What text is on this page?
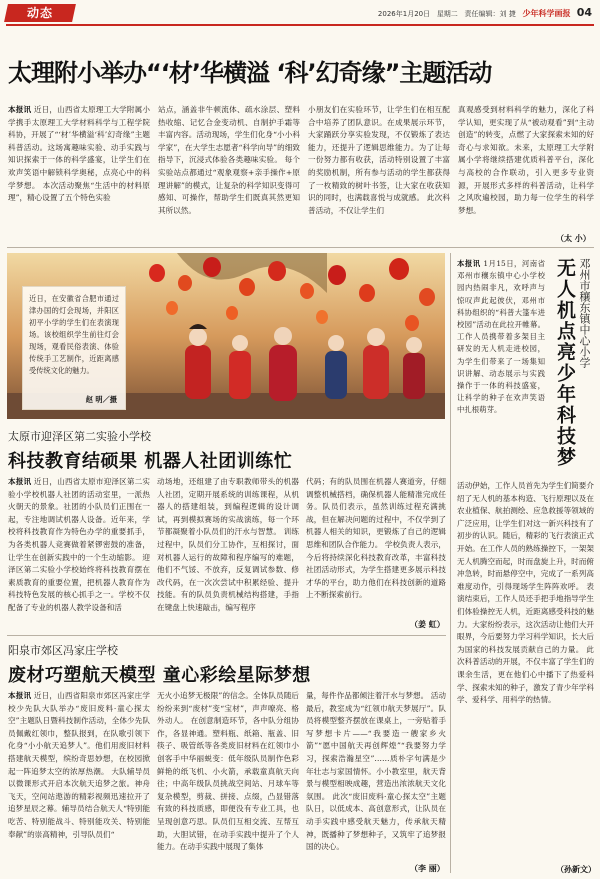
动态	2026年1月20日 星期二 责任编辑：刘 捷 少年科学画报 04
太理附小举办“‘材’华横溢 ‘科’幻奇缘”主题活动

本报讯 近日，山西省太原理工大学附属小学携手太原理工大学材料科学与工程学院科协，开展了“‘材’华横溢‘科’幻奇缘”主题科普活动。这场寓趣味实验、动手实践与知识探索于一体的科学盛宴，让学生们在欢声笑语中解锁科学奥秘，点亮心中的科学梦想。 本次活动聚焦“生活中的材料原理”，精心设置了五个特色实验

站点，涵盖非牛顿流体、疏水涂层、塑料热收缩、记忆合金变动机、自制护手霜等丰富内容。活动现场，学生们化身“小小科学家”，在大学生志愿者“科学向导”的细致指导下，沉浸式体验各类趣味实验。 每个实验站点都通过“观象观察+亲手操作+原理讲解”的模式，让复杂的科学知识变得可感知、可操作，帮助学生们既真其然更知其所以然。

小朋友们在实验环节，让学生们在相互配合中培养了团队意识。在成果展示环节，大家踊跃分享实验发现，不仅锻炼了表达能力，还提升了逻辑思维能力。为了让每一份努力都有收获，活动特别设置了丰富的奖励机制，所有参与活动的学生都获得了一枚精致的树叶书签，让大家在收获知识的同时，也满载喜悦与成就感。 此次科普活动，不仅让学生们

真观感受到材料科学的魅力，深化了科学认知，更实现了从“被动观看”到“主动创造”的转变，点燃了大家探索未知的好奇心与求知欲。未来，太原理工大学附属小学将继续搭建优质科普平台，深化与高校的合作联动，引入更多专业资源，开展形式多样的科普活动，让科学之风吹遍校园，助力每一位学生的科学梦想。

（太 小）
近日，在安徽省合肥市通过津办国的灯会现场，并阳区初平小学的学生们在表演现场。该校组织学生前往灯会现场，观看民俗表演、体验传统手工艺制作，近距离感受传统文化的魅力。
赵 明／摄
邓州市穰东镇中心小学
无人机点亮少年科技梦

本报讯 1月15日，河南省邓州市穰东镇中心小学校园内热闹非凡，欢呼声与惊叹声此起彼伏，邓州市科协组织的“科普大篷车进校园”活动在此拉开帷幕。工作人员携带着多架目主研发的无人机走进校园，为学生们带来了一场集知识讲解、动态展示与实践操作于一体的科技盛宴，让科学的种子在欢声笑语中扎根萌芽。

活动伊始，工作人员首先为学生们简要介绍了无人机的基本构造、飞行原理以及在农业植保、航拍测绘、应急救援等领域的广泛应用，让学生们对这一新兴科技有了初步的认识。随后，精彩的飞行表演正式开始。在工作人员的熟练操控下，一架架无人机腾空而起，时而盘旋上升，时而俯冲急转，时而悬停空中，完成了一系列高难度动作，引得现场学生阵阵欢呼。 表演结束后，工作人员还手把手地指导学生们体验操控无人机，近距离感受科技的魅力。大家纷纷表示，这次活动让他们大开眼界，今后要努力学习科学知识，长大后为国家的科技发展贡献自己的力量。 此次科普活动的开展，不仅丰富了学生们的课余生活，更在他们心中播下了热爱科学、探索未知的种子，激发了青少年学科学、爱科学、用科学的热情。

（孙新文）
太原市迎泽区第二实验小学校
科技教育结硕果 机器人社团训练忙

本报讯 近日，山西省太原市迎泽区第二实验小学校机器人社团的活动室里，一派热火朝天的景象。社团的小队员们正围在一起，专注地调试机器人设备。近年来，学校将科技教育作为特色办学的重要抓手，为各类机器人竞赛做着紧锣密鼓的准备，让学生在创新实践中的一个生动缩影。 迎泽区第二实验小学校始终将科技教育摆在素质教育的重要位置，把机器人教育作为科技特色发展的核心抓手之一。学校不仅配备了专业的机器人教学设备和活

动场地，还组建了由专职教师带头的机器人社团，定期开展系统的训练课程，从机器人的搭建组装，到编程逻辑的设计调试，再到模拟赛场的实战演练，每一个环节都凝聚着小队员们的汗水与智慧。 训练过程中，队员们分工协作，互相探讨，面对机器人运行的故障和程序编写的难题，他们不气馁、不放弃，反复调试参数、修改代码，在一次次尝试中积累经验、提升技能。有的队员负责机械结构搭建，手指在键盘上快速敲击，编写程序

代码；有的队员围在机器人赛道旁，仔细调整机械搭档，确保机器人能精准完成任务。队员们表示，虽然训练过程充满挑战，但在解决问题的过程中，不仅学到了机器人相关的知识，更锻炼了自己的逻辑思维和团队合作能力。 学校负责人表示，今后将持续深化科技教育改革，丰富科技社团活动形式，为学生搭建更多展示科技才华的平台，助力他们在科技创新的道路上不断探索前行。

（姜 虹）
阳泉市郊区冯家庄学校
废材巧塑航天模型 童心彩绘星际梦想

本报讯 近日，山西省阳泉市郊区冯家庄学校少先队大队举办“废旧废料·童心探太空”主题队日暨科技制作活动，全体少先队员佩戴红领巾，整队报到，在队歌引领下化身“小小航天追梦人”。他们用废旧材料搭建航天模型，缤纷奇思妙想，在校园掀起一阵追梦太空的浓厚热潮。 大队辅导员以微课形式开启本次航天追梦之旅。神舟飞天，空间站遨游的精彩视频迅速拉开了追梦星辰之幕。辅导员结合航天人“特别能吃苦、特别能战斗、特别能攻关、特别能奉献”的崇高精神，引导队员们“

无火小追梦无极限”的信念。全体队员随后纷纷来到“废材”变“宝材”，声声嘹亮、格外动人。 在创意制造环节，各中队分组协作，各显神通。塑料瓶、纸箱、瓶盖、旧筷子、吸管纸等各类废旧材料在红领巾小创客手中华丽蜕变：低年级队员制作色彩鲜艳的纸飞机、小火箭，承载童真航天向往；中高年级队员挑战空间站、月球车等复杂模型，剪裁、拼接、点缀，凸显错落有致的科技质感，即便没有专业工具，也呈现创意巧思。队员们互相交流、互帮互助，大胆试错，在动手实践中提升了个人能力。在动手实践中展现了集体

量，每件作品都倾注着汗水与梦想。 活动最后，教室成为“红领巾航天梦展厅”。队员将模型整齐摆放在课桌上，一旁贴着手写梦想卡片——“我要造一艘家乡火箭”“愿中国航天再创辉煌”“我要努力学习，探索浩瀚星空”……质朴字句满是少年壮志与家国情怀。小小教室里，航天背景与模型相映成趣，营造出浓浓航天文化氛围。 此次“废旧废料·童心探太空”主题队日，以低成本、高创意形式，让队员在动手实践中感受航天魅力，传承航天精神，既播种了梦想种子，又筑牢了追梦报国的决心。

（李 丽）
